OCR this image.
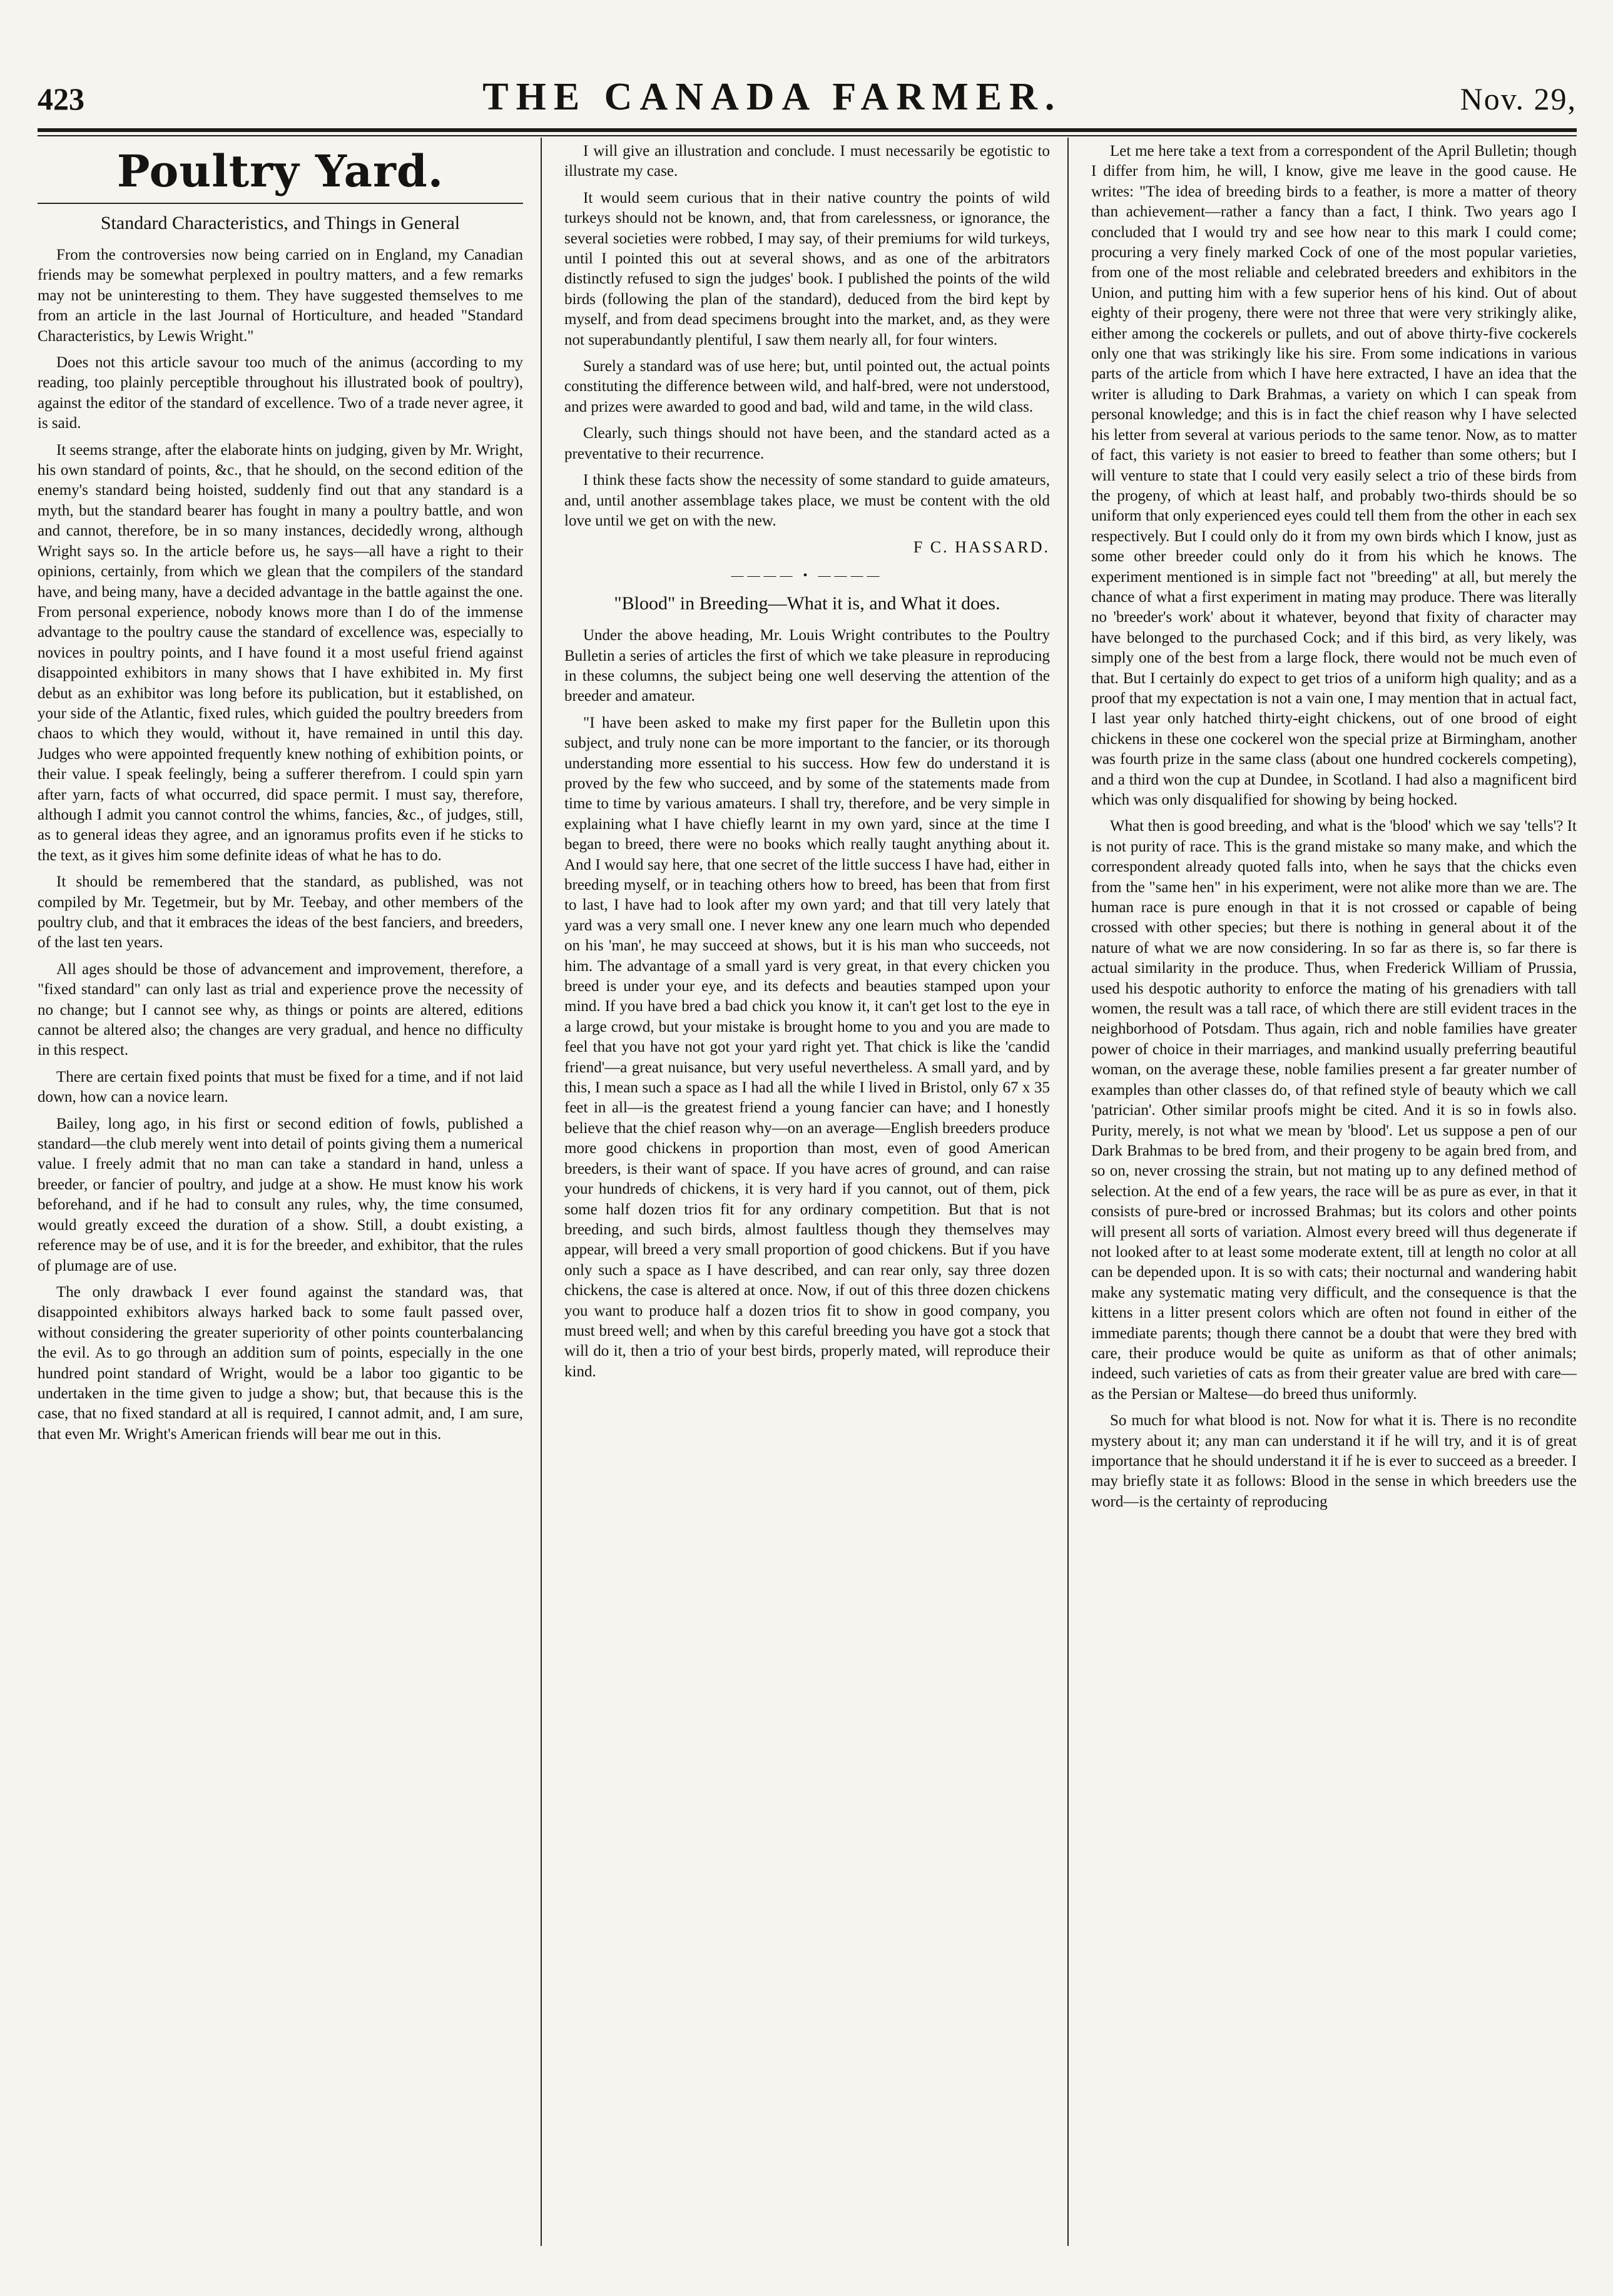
423	THE CANADA FARMER.	Nov. 29,
Poultry Yard.
Standard Characteristics, and Things in General

From the controversies now being carried on in England, my Canadian friends may be somewhat perplexed in poultry matters, and a few remarks may not be uninteresting to them. They have suggested themselves to me from an article in the last Journal of Horticulture, and headed "Standard Characteristics, by Lewis Wright."

Does not this article savour too much of the animus (according to my reading, too plainly perceptible throughout his illustrated book of poultry), against the editor of the standard of excellence. Two of a trade never agree, it is said.

It seems strange, after the elaborate hints on judging, given by Mr. Wright, his own standard of points, &c., that he should, on the second edition of the enemy's standard being hoisted, suddenly find out that any standard is a myth, but the standard bearer has fought in many a poultry battle, and won and cannot, therefore, be in so many instances, decidedly wrong, although Wright says so. In the article before us, he says—all have a right to their opinions, certainly, from which we glean that the compilers of the standard have, and being many, have a decided advantage in the battle against the one. From personal experience, nobody knows more than I do of the immense advantage to the poultry cause the standard of excellence was, especially to novices in poultry points, and I have found it a most useful friend against disappointed exhibitors in many shows that I have exhibited in. My first debut as an exhibitor was long before its publication, but it established, on your side of the Atlantic, fixed rules, which guided the poultry breeders from chaos to which they would, without it, have remained in until this day. Judges who were appointed frequently knew nothing of exhibition points, or their value. I speak feelingly, being a sufferer therefrom. I could spin yarn after yarn, facts of what occurred, did space permit. I must say, therefore, although I admit you cannot control the whims, fancies, &c., of judges, still, as to general ideas they agree, and an ignoramus profits even if he sticks to the text, as it gives him some definite ideas of what he has to do.

It should be remembered that the standard, as published, was not compiled by Mr. Tegetmeir, but by Mr. Teebay, and other members of the poultry club, and that it embraces the ideas of the best fanciers, and breeders, of the last ten years.

All ages should be those of advancement and improvement, therefore, a "fixed standard" can only last as trial and experience prove the necessity of no change; but I cannot see why, as things or points are altered, editions cannot be altered also; the changes are very gradual, and hence no difficulty in this respect.

There are certain fixed points that must be fixed for a time, and if not laid down, how can a novice learn.

Bailey, long ago, in his first or second edition of fowls, published a standard—the club merely went into detail of points giving them a numerical value. I freely admit that no man can take a standard in hand, unless a breeder, or fancier of poultry, and judge at a show. He must know his work beforehand, and if he had to consult any rules, why, the time consumed, would greatly exceed the duration of a show. Still, a doubt existing, a reference may be of use, and it is for the breeder, and exhibitor, that the rules of plumage are of use.

The only drawback I ever found against the standard was, that disappointed exhibitors always harked back to some fault passed over, without considering the greater superiority of other points counterbalancing the evil. As to go through an addition sum of points, especially in the one hundred point standard of Wright, would be a labor too gigantic to be undertaken in the time given to judge a show; but, that because this is the case, that no fixed standard at all is required, I cannot admit, and, I am sure, that even Mr. Wright's American friends will bear me out in this.

I will give an illustration and conclude. I must necessarily be egotistic to illustrate my case.

It would seem curious that in their native country the points of wild turkeys should not be known, and, that from carelessness, or ignorance, the several societies were robbed, I may say, of their premiums for wild turkeys, until I pointed this out at several shows, and as one of the arbitrators distinctly refused to sign the judges' book. I published the points of the wild birds (following the plan of the standard), deduced from the bird kept by myself, and from dead specimens brought into the market, and, as they were not superabundantly plentiful, I saw them nearly all, for four winters.

Surely a standard was of use here; but, until pointed out, the actual points constituting the difference between wild, and half-bred, were not understood, and prizes were awarded to good and bad, wild and tame, in the wild class.

Clearly, such things should not have been, and the standard acted as a preventative to their recurrence.

I think these facts show the necessity of some standard to guide amateurs, and, until another assemblage takes place, we must be content with the old love until we get on with the new.

F C. HASSARD.
———— • ————
"Blood" in Breeding—What it is, and What it does.

Under the above heading, Mr. Louis Wright contributes to the Poultry Bulletin a series of articles the first of which we take pleasure in reproducing in these columns, the subject being one well deserving the attention of the breeder and amateur.

"I have been asked to make my first paper for the Bulletin upon this subject, and truly none can be more important to the fancier, or its thorough understanding more essential to his success. How few do understand it is proved by the few who succeed, and by some of the statements made from time to time by various amateurs. I shall try, therefore, and be very simple in explaining what I have chiefly learnt in my own yard, since at the time I began to breed, there were no books which really taught anything about it. And I would say here, that one secret of the little success I have had, either in breeding myself, or in teaching others how to breed, has been that from first to last, I have had to look after my own yard; and that till very lately that yard was a very small one. I never knew any one learn much who depended on his 'man', he may succeed at shows, but it is his man who succeeds, not him. The advantage of a small yard is very great, in that every chicken you breed is under your eye, and its defects and beauties stamped upon your mind. If you have bred a bad chick you know it, it can't get lost to the eye in a large crowd, but your mistake is brought home to you and you are made to feel that you have not got your yard right yet. That chick is like the 'candid friend'—a great nuisance, but very useful nevertheless. A small yard, and by this, I mean such a space as I had all the while I lived in Bristol, only 67 x 35 feet in all—is the greatest friend a young fancier can have; and I honestly believe that the chief reason why—on an average—English breeders produce more good chickens in proportion than most, even of good American breeders, is their want of space. If you have acres of ground, and can raise your hundreds of chickens, it is very hard if you cannot, out of them, pick some half dozen trios fit for any ordinary competition. But that is not breeding, and such birds, almost faultless though they themselves may appear, will breed a very small proportion of good chickens. But if you have only such a space as I have described, and can rear only, say three dozen chickens, the case is altered at once. Now, if out of this three dozen chickens you want to produce half a dozen trios fit to show in good company, you must breed well; and when by this careful breeding you have got a stock that will do it, then a trio of your best birds, properly mated, will reproduce their kind.

Let me here take a text from a correspondent of the April Bulletin; though I differ from him, he will, I know, give me leave in the good cause. He writes: "The idea of breeding birds to a feather, is more a matter of theory than achievement—rather a fancy than a fact, I think. Two years ago I concluded that I would try and see how near to this mark I could come; procuring a very finely marked Cock of one of the most popular varieties, from one of the most reliable and celebrated breeders and exhibitors in the Union, and putting him with a few superior hens of his kind. Out of about eighty of their progeny, there were not three that were very strikingly alike, either among the cockerels or pullets, and out of above thirty-five cockerels only one that was strikingly like his sire. From some indications in various parts of the article from which I have here extracted, I have an idea that the writer is alluding to Dark Brahmas, a variety on which I can speak from personal knowledge; and this is in fact the chief reason why I have selected his letter from several at various periods to the same tenor. Now, as to matter of fact, this variety is not easier to breed to feather than some others; but I will venture to state that I could very easily select a trio of these birds from the progeny, of which at least half, and probably two-thirds should be so uniform that only experienced eyes could tell them from the other in each sex respectively. But I could only do it from my own birds which I know, just as some other breeder could only do it from his which he knows. The experiment mentioned is in simple fact not "breeding" at all, but merely the chance of what a first experiment in mating may produce. There was literally no 'breeder's work' about it whatever, beyond that fixity of character may have belonged to the purchased Cock; and if this bird, as very likely, was simply one of the best from a large flock, there would not be much even of that. But I certainly do expect to get trios of a uniform high quality; and as a proof that my expectation is not a vain one, I may mention that in actual fact, I last year only hatched thirty-eight chickens, out of one brood of eight chickens in these one cockerel won the special prize at Birmingham, another was fourth prize in the same class (about one hundred cockerels competing), and a third won the cup at Dundee, in Scotland. I had also a magnificent bird which was only disqualified for showing by being hocked.

What then is good breeding, and what is the 'blood' which we say 'tells'? It is not purity of race. This is the grand mistake so many make, and which the correspondent already quoted falls into, when he says that the chicks even from the "same hen" in his experiment, were not alike more than we are. The human race is pure enough in that it is not crossed or capable of being crossed with other species; but there is nothing in general about it of the nature of what we are now considering. In so far as there is, so far there is actual similarity in the produce. Thus, when Frederick William of Prussia, used his despotic authority to enforce the mating of his grenadiers with tall women, the result was a tall race, of which there are still evident traces in the neighborhood of Potsdam. Thus again, rich and noble families have greater power of choice in their marriages, and mankind usually preferring beautiful woman, on the average these, noble families present a far greater number of examples than other classes do, of that refined style of beauty which we call 'patrician'. Other similar proofs might be cited. And it is so in fowls also. Purity, merely, is not what we mean by 'blood'. Let us suppose a pen of our Dark Brahmas to be bred from, and their progeny to be again bred from, and so on, never crossing the strain, but not mating up to any defined method of selection. At the end of a few years, the race will be as pure as ever, in that it consists of pure-bred or incrossed Brahmas; but its colors and other points will present all sorts of variation. Almost every breed will thus degenerate if not looked after to at least some moderate extent, till at length no color at all can be depended upon. It is so with cats; their nocturnal and wandering habit make any systematic mating very difficult, and the consequence is that the kittens in a litter present colors which are often not found in either of the immediate parents; though there cannot be a doubt that were they bred with care, their produce would be quite as uniform as that of other animals; indeed, such varieties of cats as from their greater value are bred with care—as the Persian or Maltese—do breed thus uniformly.

So much for what blood is not. Now for what it is. There is no recondite mystery about it; any man can understand it if he will try, and it is of great importance that he should understand it if he is ever to succeed as a breeder. I may briefly state it as follows: Blood in the sense in which breeders use the word—is the certainty of reproducing
